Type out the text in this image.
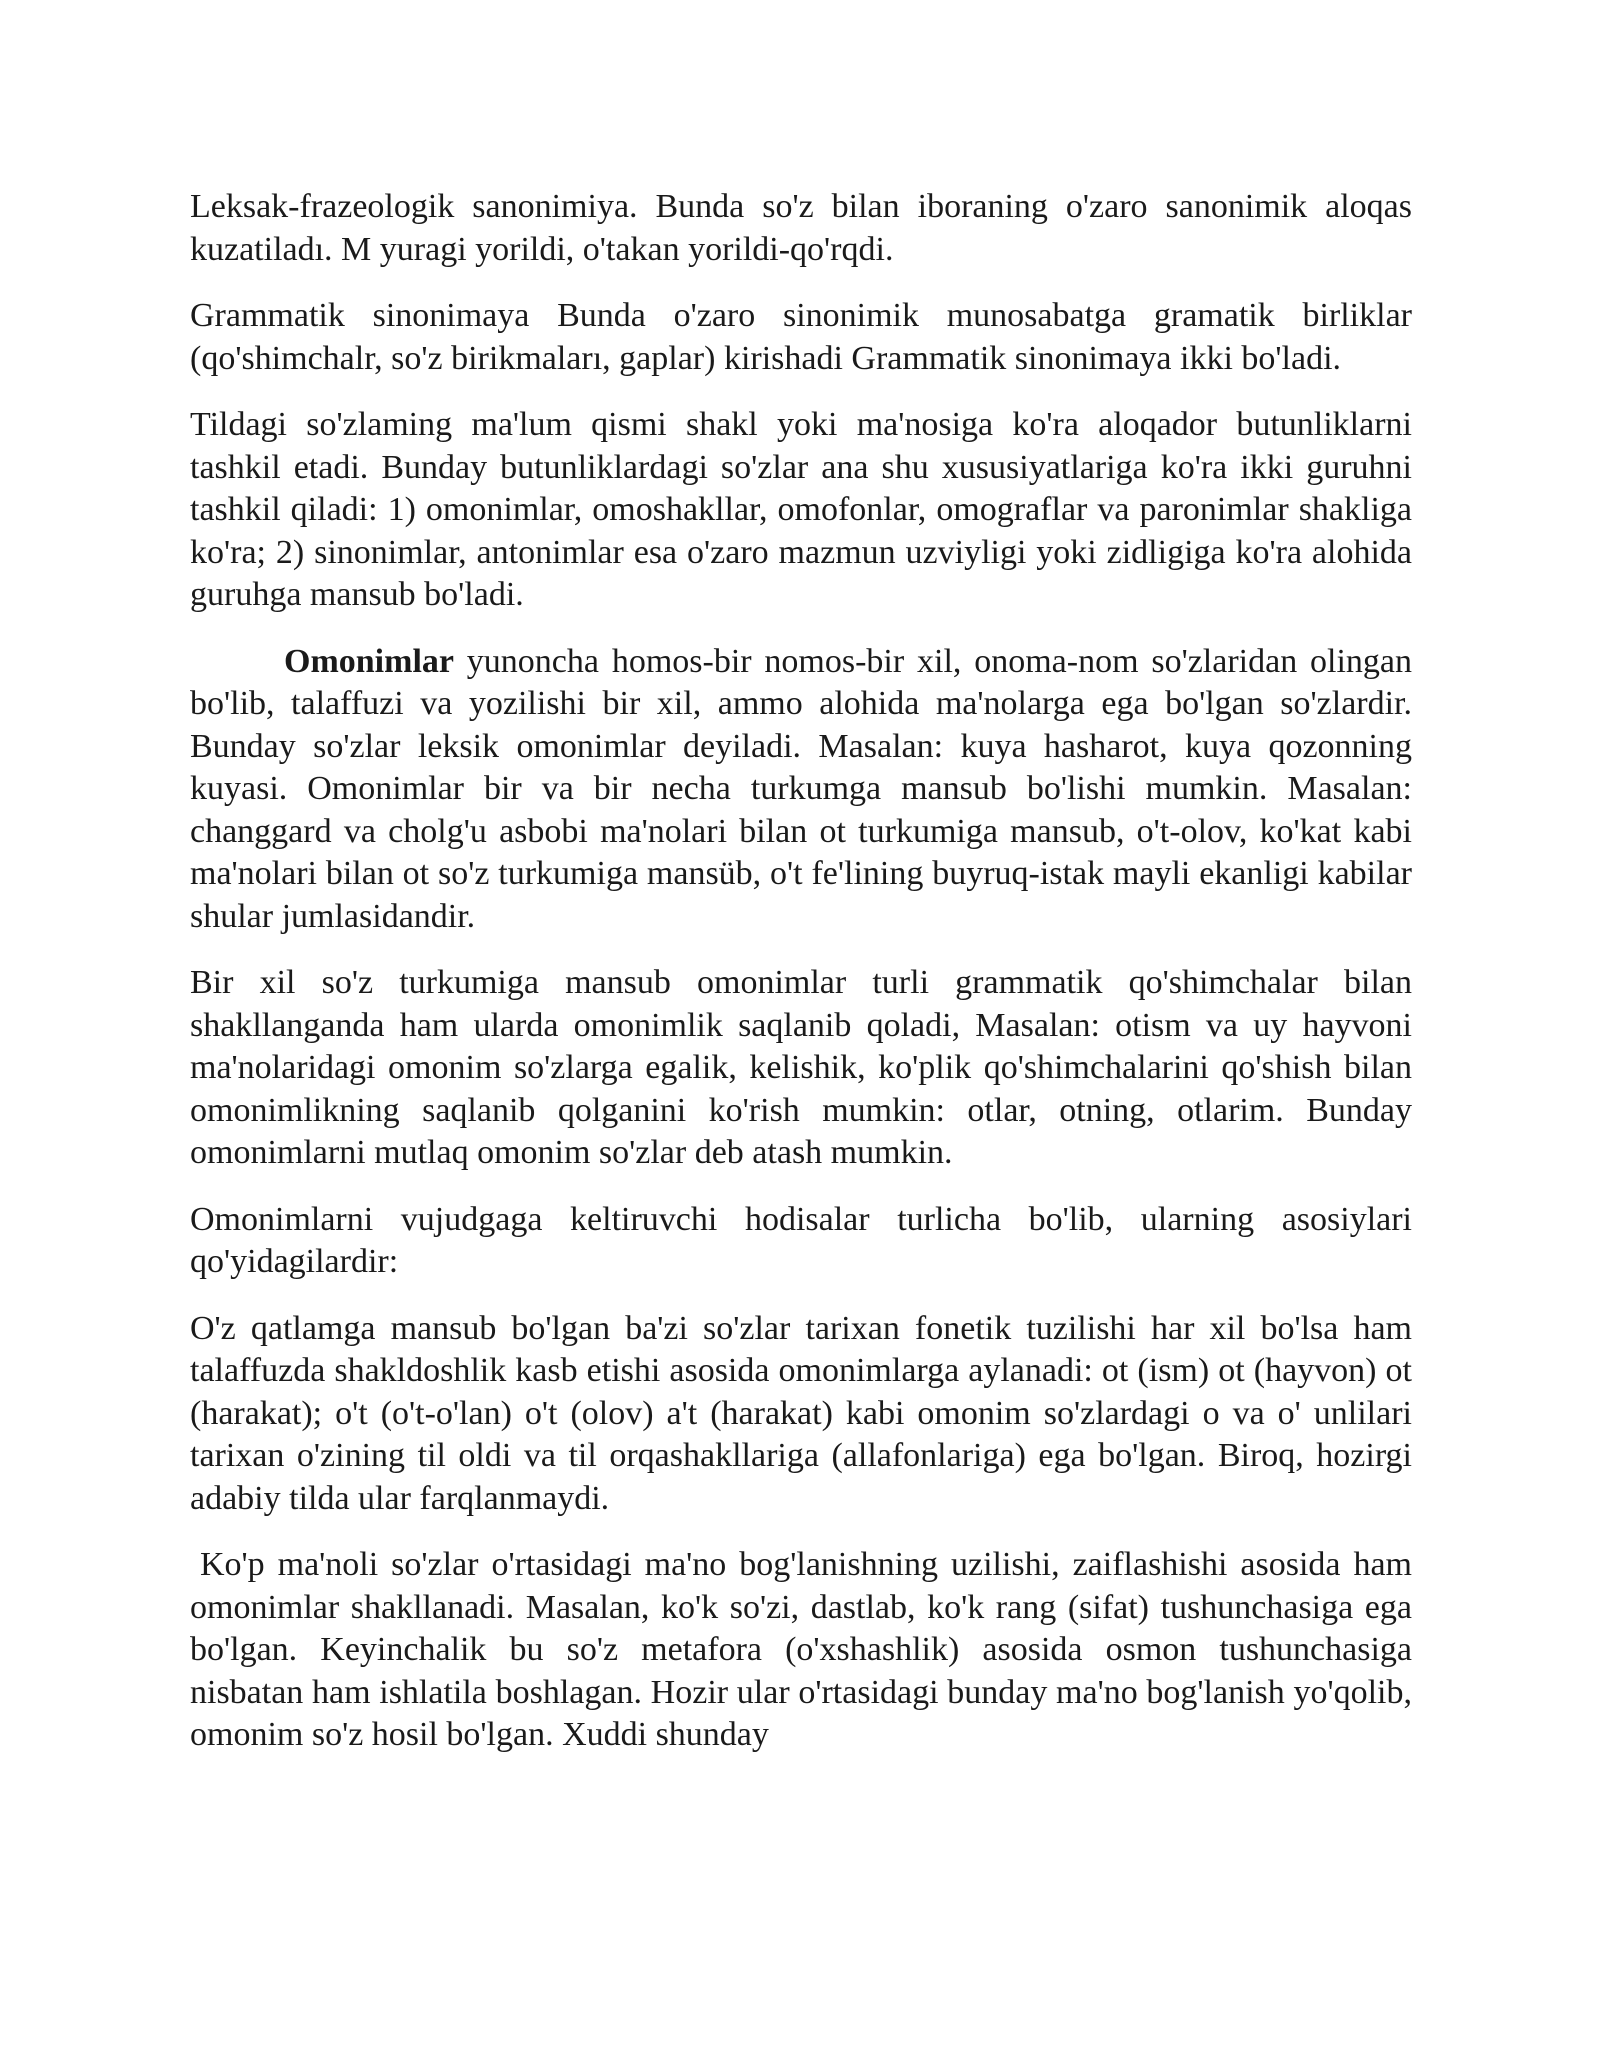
Leksak-frazeologik sanonimiya. Bunda so'z bilan iboraning o'zaro sanonimik aloqas kuzatiladı. M yuragi yorildi, o'takan yorildi-qo'rqdi.

Grammatik sinonimaya Bunda o'zaro sinonimik munosabatga gramatik birliklar (qo'shimchalr, so'z birikmaları, gaplar) kirishadi Grammatik sinonimaya ikki bo'ladi.

Tildagi so'zlaming ma'lum qismi shakl yoki ma'nosiga ko'ra aloqador butunliklarni tashkil etadi. Bunday butunliklardagi so'zlar ana shu xususiyatlariga ko'ra ikki guruhni tashkil qiladi: 1) omonimlar, omoshakllar, omofonlar, omograflar va paronimlar shakliga ko'ra; 2) sinonimlar, antonimlar esa o'zaro mazmun uzviyligi yoki zidligiga ko'ra alohida guruhga mansub bo'ladi.

Omonimlar yunoncha homos-bir nomos-bir xil, onoma-nom so'zlaridan olingan bo'lib, talaffuzi va yozilishi bir xil, ammo alohida ma'nolarga ega bo'lgan so'zlardir. Bunday so'zlar leksik omonimlar deyiladi. Masalan: kuya hasharot, kuya qozonning kuyasi. Omonimlar bir va bir necha turkumga mansub bo'lishi mumkin. Masalan: changgard va cholg'u asbobi ma'nolari bilan ot turkumiga mansub, o't-olov, ko'kat kabi ma'nolari bilan ot so'z turkumiga mansüb, o't fe'lining buyruq-istak mayli ekanligi kabilar shular jumlasidandir.

Bir xil so'z turkumiga mansub omonimlar turli grammatik qo'shimchalar bilan shakllanganda ham ularda omonimlik saqlanib qoladi, Masalan: otism va uy hayvoni ma'nolaridagi omonim so'zlarga egalik, kelishik, ko'plik qo'shimchalarini qo'shish bilan omonimlikning saqlanib qolganini ko'rish mumkin: otlar, otning, otlarim. Bunday omonimlarni mutlaq omonim so'zlar deb atash mumkin.

Omonimlarni vujudgaga keltiruvchi hodisalar turlicha bo'lib, ularning asosiylari qo'yidagilardir:

O'z qatlamga mansub bo'lgan ba'zi so'zlar tarixan fonetik tuzilishi har xil bo'lsa ham talaffuzda shakldoshlik kasb etishi asosida omonimlarga aylanadi: ot (ism) ot (hayvon) ot (harakat); o't (o't-o'lan) o't (olov) a't (harakat) kabi omonim so'zlardagi o va o' unlilari tarixan o'zining til oldi va til orqashakllariga (allafonlariga) ega bo'lgan. Biroq, hozirgi adabiy tilda ular farqlanmaydi.

Ko'p ma'noli so'zlar o'rtasidagi ma'no bog'lanishning uzilishi, zaiflashishi asosida ham omonimlar shakllanadi. Masalan, ko'k so'zi, dastlab, ko'k rang (sifat) tushunchasiga ega bo'lgan. Keyinchalik bu so'z metafora (o'xshashlik) asosida osmon tushunchasiga nisbatan ham ishlatila boshlagan. Hozir ular o'rtasidagi bunday ma'no bog'lanish yo'qolib, omonim so'z hosil bo'lgan. Xuddi shunday
